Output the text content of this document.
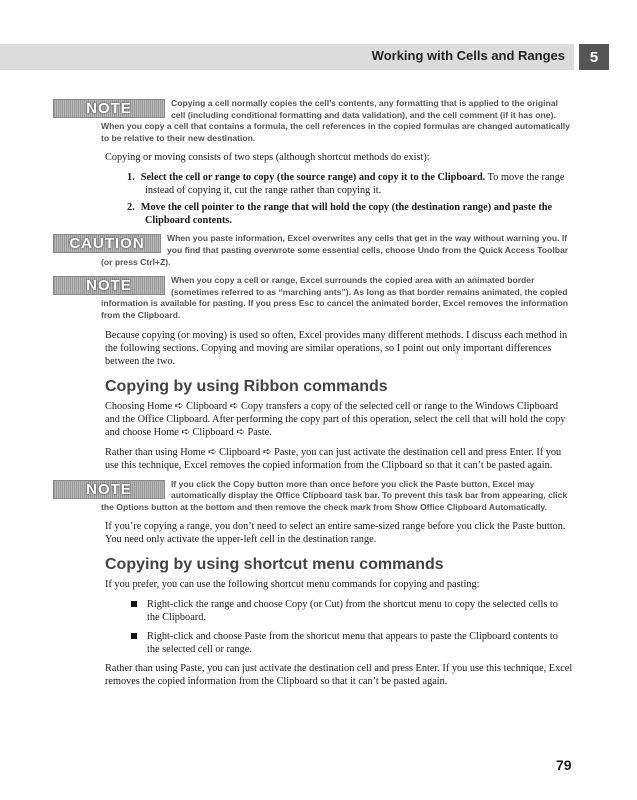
Working with Cells and Ranges	5
NOTE	Copying a cell normally copies the cell’s contents, any formatting that is applied to the original cell (including conditional formatting and data validation), and the cell comment (if it has one). When you copy a cell that contains a formula, the cell references in the copied formulas are changed automatically to be relative to their new destination.

Copying or moving consists of two steps (although shortcut methods do exist):

1. Select the cell or range to copy (the source range) and copy it to the Clipboard. To move the range instead of copying it, cut the range rather than copying it.
2. Move the cell pointer to the range that will hold the copy (the destination range) and paste the Clipboard contents.
CAUTION	When you paste information, Excel overwrites any cells that get in the way without warning you. If you find that pasting overwrote some essential cells, choose Undo from the Quick Access Toolbar (or press Ctrl+Z).
NOTE	When you copy a cell or range, Excel surrounds the copied area with an animated border (sometimes referred to as “marching ants”). As long as that border remains animated, the copied information is available for pasting. If you press Esc to cancel the animated border, Excel removes the information from the Clipboard.

Because copying (or moving) is used so often, Excel provides many different methods. I discuss each method in the following sections. Copying and moving are similar operations, so I point out only important differences between the two.

Copying by using Ribbon commands

Choosing Home ➪ Clipboard ➪ Copy transfers a copy of the selected cell or range to the Windows Clipboard and the Office Clipboard. After performing the copy part of this operation, select the cell that will hold the copy and choose Home ➪ Clipboard ➪ Paste.

Rather than using Home ➪ Clipboard ➪ Paste, you can just activate the destination cell and press Enter. If you use this technique, Excel removes the copied information from the Clipboard so that it can’t be pasted again.

NOTE	If you click the Copy button more than once before you click the Paste button, Excel may automatically display the Office Clipboard task bar. To prevent this task bar from appearing, click the Options button at the bottom and then remove the check mark from Show Office Clipboard Automatically.

If you’re copying a range, you don’t need to select an entire same-sized range before you click the Paste button. You need only activate the upper-left cell in the destination range.

Copying by using shortcut menu commands

If you prefer, you can use the following shortcut menu commands for copying and pasting:

Right-click the range and choose Copy (or Cut) from the shortcut menu to copy the selected cells to the Clipboard.
Right-click and choose Paste from the shortcut menu that appears to paste the Clipboard contents to the selected cell or range.

Rather than using Paste, you can just activate the destination cell and press Enter. If you use this technique, Excel removes the copied information from the Clipboard so that it can’t be pasted again.

79
